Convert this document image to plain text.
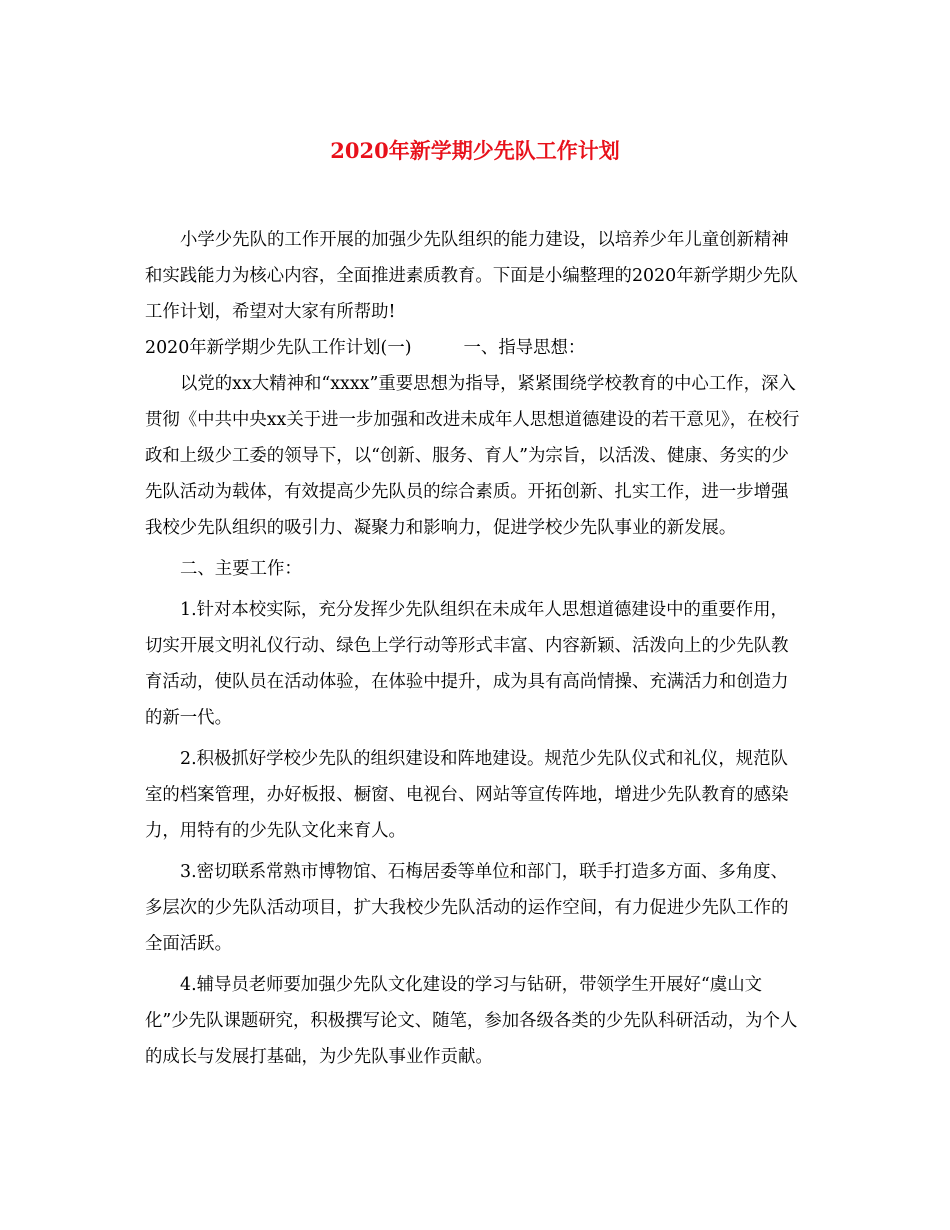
2020年新学期少先队工作计划

小学少先队的工作开展的加强少先队组织的能力建设，以培养少年儿童创新精神和实践能力为核心内容，全面推进素质教育。下面是小编整理的2020年新学期少先队工作计划，希望对大家有所帮助!

2020年新学期少先队工作计划(一)	一、指导思想：

以党的xx大精神和“xxxx”重要思想为指导，紧紧围绕学校教育的中心工作，深入贯彻《中共中央xx关于进一步加强和改进未成年人思想道德建设的若干意见》，在校行政和上级少工委的领导下，以“创新、服务、育人”为宗旨，以活泼、健康、务实的少先队活动为载体，有效提高少先队员的综合素质。开拓创新、扎实工作，进一步增强我校少先队组织的吸引力、凝聚力和影响力，促进学校少先队事业的新发展。

二、主要工作：

1.针对本校实际，充分发挥少先队组织在未成年人思想道德建设中的重要作用，切实开展文明礼仪行动、绿色上学行动等形式丰富、内容新颖、活泼向上的少先队教育活动，使队员在活动体验，在体验中提升，成为具有高尚情操、充满活力和创造力的新一代。

2.积极抓好学校少先队的组织建设和阵地建设。规范少先队仪式和礼仪，规范队室的档案管理，办好板报、橱窗、电视台、网站等宣传阵地，增进少先队教育的感染力，用特有的少先队文化来育人。

3.密切联系常熟市博物馆、石梅居委等单位和部门，联手打造多方面、多角度、多层次的少先队活动项目，扩大我校少先队活动的运作空间，有力促进少先队工作的全面活跃。

4.辅导员老师要加强少先队文化建设的学习与钻研，带领学生开展好“虞山文化”少先队课题研究，积极撰写论文、随笔，参加各级各类的少先队科研活动，为个人的成长与发展打基础，为少先队事业作贡献。
